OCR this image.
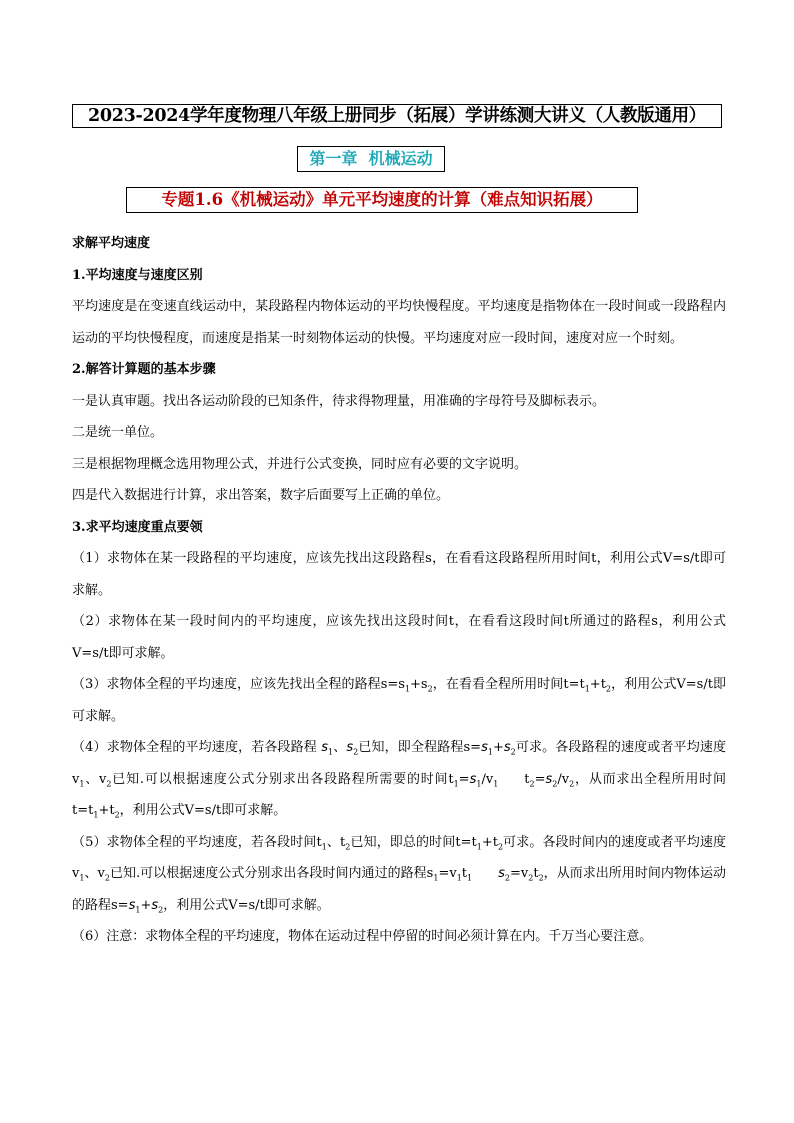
2023-2024学年度物理八年级上册同步（拓展）学讲练测大讲义（人教版通用）
第一章  机械运动
专题1.6《机械运动》单元平均速度的计算（难点知识拓展）

求解平均速度

1.平均速度与速度区别

平均速度是在变速直线运动中，某段路程内物体运动的平均快慢程度。平均速度是指物体在一段时间或一段路程内运动的平均快慢程度，而速度是指某一时刻物体运动的快慢。平均速度对应一段时间，速度对应一个时刻。

2.解答计算题的基本步骤

一是认真审题。找出各运动阶段的已知条件，待求得物理量，用准确的字母符号及脚标表示。

二是统一单位。

三是根据物理概念选用物理公式，并进行公式变换，同时应有必要的文字说明。

四是代入数据进行计算，求出答案，数字后面要写上正确的单位。

3.求平均速度重点要领

（1）求物体在某一段路程的平均速度，应该先找出这段路程s，在看看这段路程所用时间t，利用公式V=s/t即可求解。

（2）求物体在某一段时间内的平均速度，应该先找出这段时间t，在看看这段时间t所通过的路程s，利用公式V=s/t即可求解。

（3）求物体全程的平均速度，应该先找出全程的路程$s=s_1+s_2$，在看看全程所用时间$t=t_1+t_2$，利用公式V=s/t即可求解。

（4）求物体全程的平均速度，若各段路程 $s_1$、$s_2$已知，即全程路程$s=s_1+s_2$可求。各段路程的速度或者平均速度$v_1$、$v_2$已知.可以根据速度公式分别求出各段路程所需要的时间$t_1=s_1/v_1$ $t_2=s_2/v_2$，从而求出全程所用时间$t=t_1+t_2$，利用公式V=s/t即可求解。

（5）求物体全程的平均速度，若各段时间$t_1$、$t_2$已知，即总的时间$t=t_1+t_2$可求。各段时间内的速度或者平均速度$v_1$、$v_2$已知.可以根据速度公式分别求出各段时间内通过的路程$s_1=v_1t_1$ $s_2=v_2t_2$，从而求出所用时间内物体运动的路程$s=s_1+s_2$，利用公式V=s/t即可求解。

（6）注意：求物体全程的平均速度，物体在运动过程中停留的时间必须计算在内。千万当心要注意。
